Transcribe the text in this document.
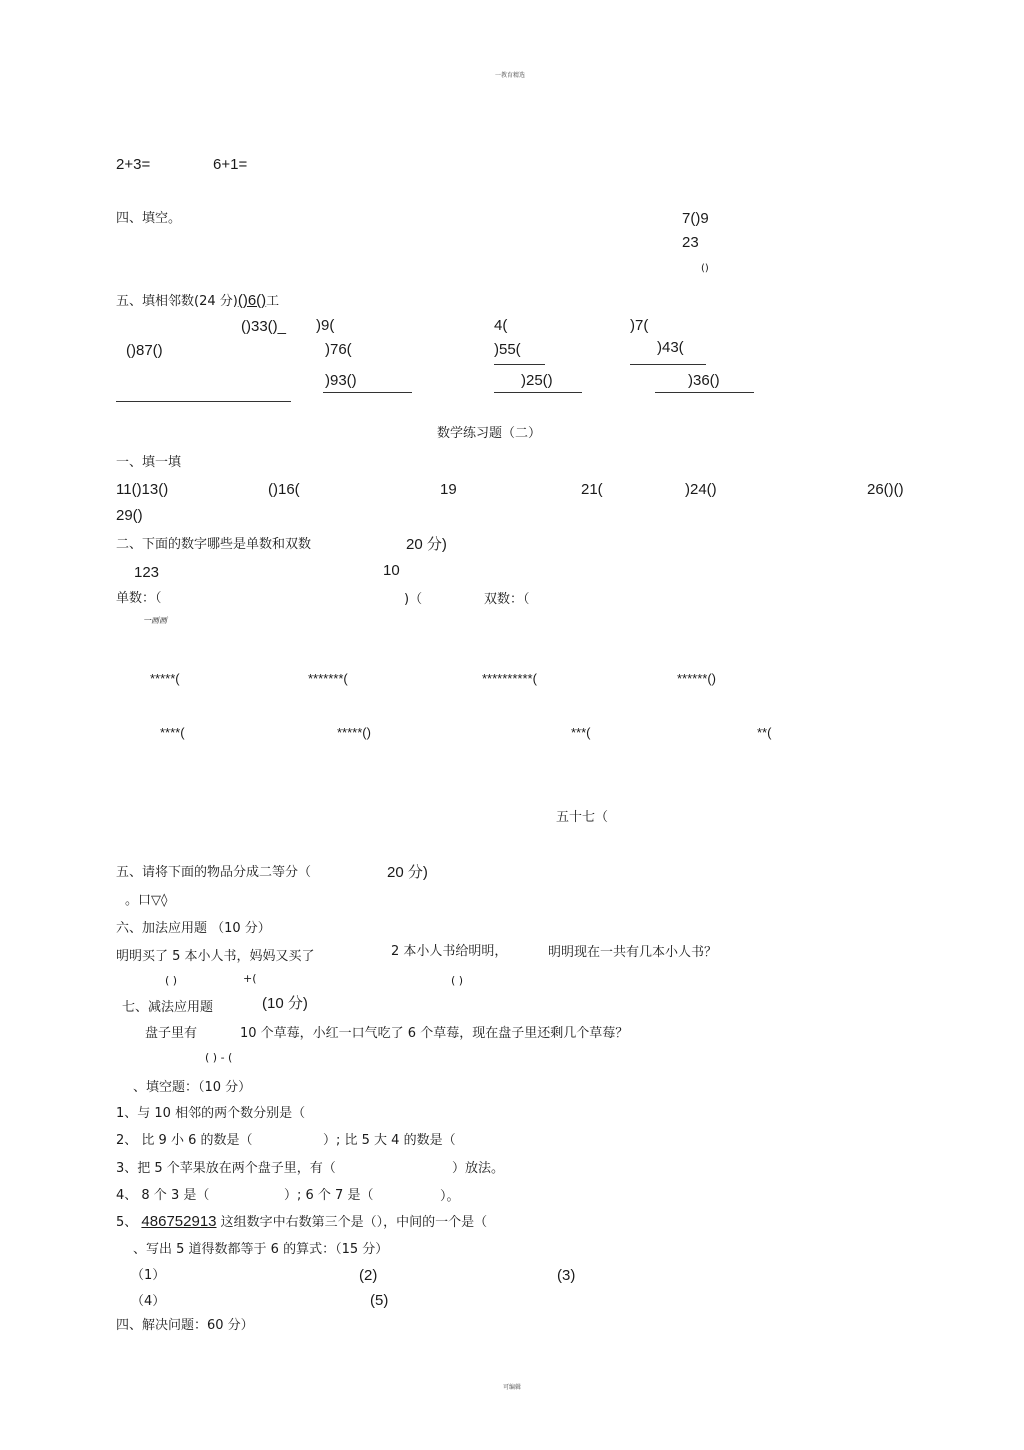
一教育精选
可编辑
2+3=	6+1=
四、填空。	7()9
23
()
五、填相邻数(24 分)()6()工
()33()_ )9(	4(	)7(
()87()	)76(	)55(	)43(
)93()	)25()	)36()
数学练习题（二）
一、填一填
11()13()	()16(	19	21(	)24()	26()()
29()
二、下面的数字哪些是单数和双数	20 分)
123	10
单数：（	)（	双数：（
一画画
*****(	*******(	**********(	******()
****(	*****()	***(	**(
五十七（
五、请将下面的物品分成二等分（	20 分)
。口▽◊
六、加法应用题 （10 分）
明明买了 5 本小人书，妈妈又买了	2 本小人书给明明，	明明现在一共有几本小人书？
( )	+(	( )
七、减法应用题	(10 分)
盘子里有	10 个草莓，小红一口气吃了 6 个草莓，现在盘子里还剩几个草莓？
( ) - (
、填空题：（10 分）
1、与 10 相邻的两个数分别是（
2、 比 9 小 6 的数是（	）; 比 5 大 4 的数是（
3、把 5 个苹果放在两个盘子里，有（	）放法。
4、 8 个 3 是（	）; 6 个 7 是（	）。
5、 486752913 这组数字中右数第三个是（），中间的一个是（
、写出 5 道得数都等于 6 的算式：（15 分）
（1）	(2)	(3)
（4）	(5)
四、解决问题：60 分）
